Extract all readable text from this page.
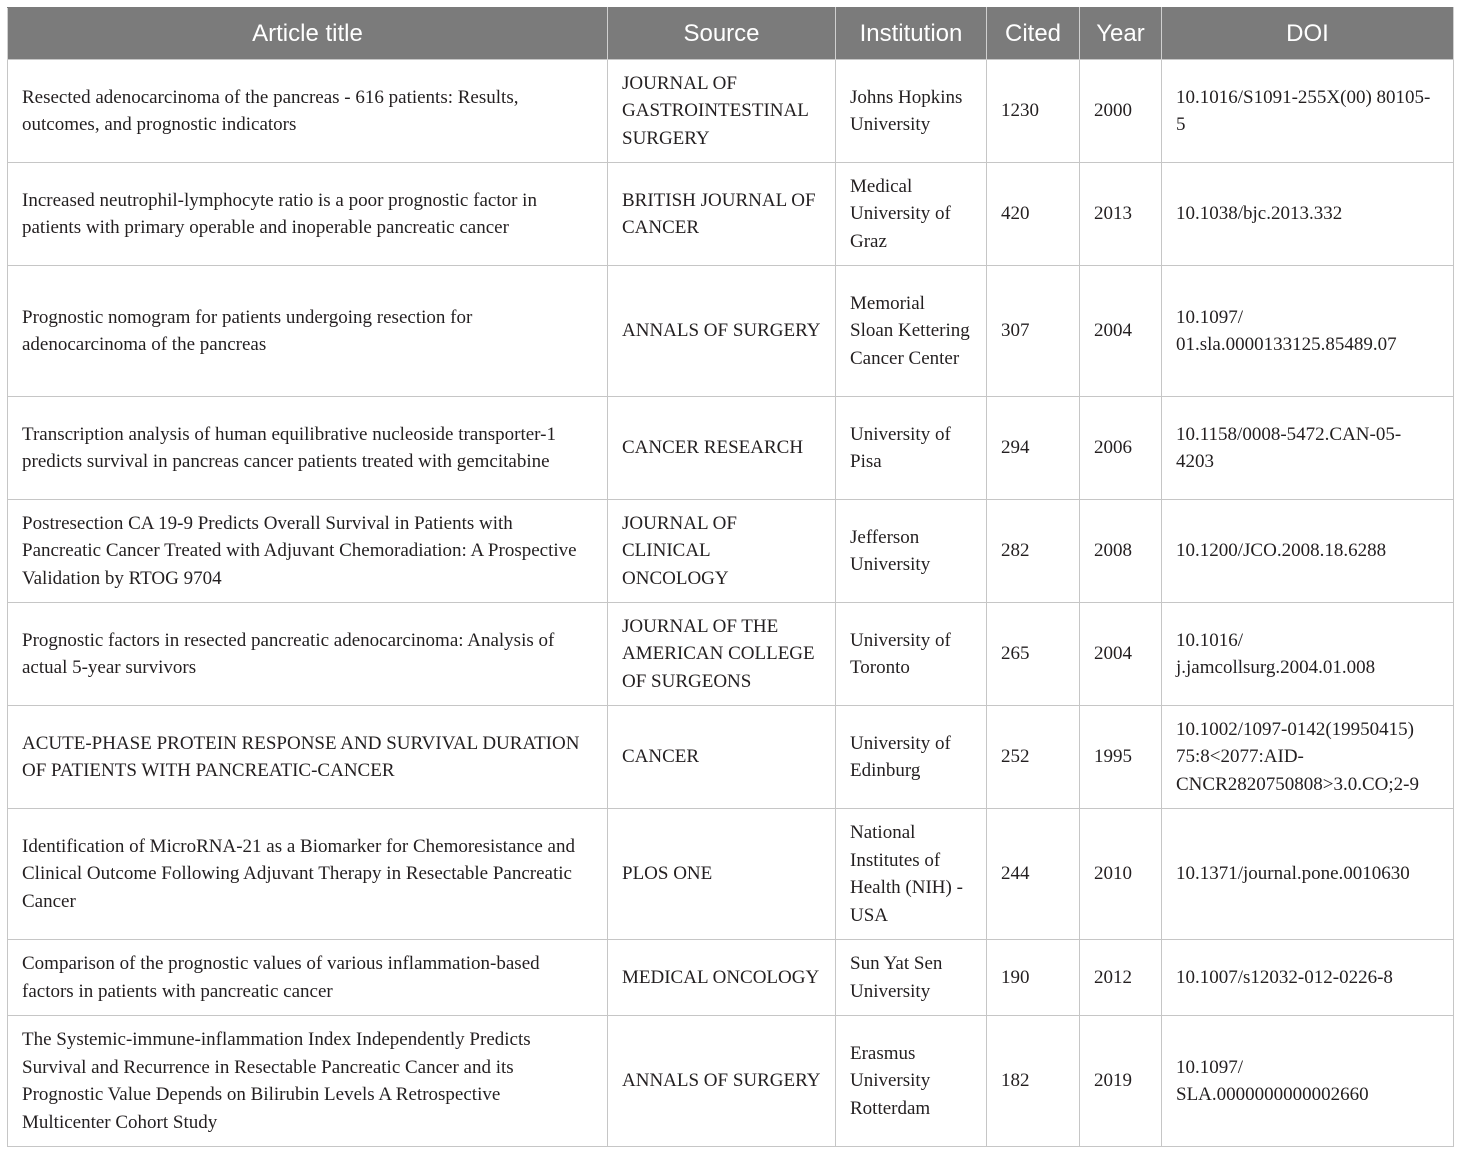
Article title	Source	Institution	Cited	Year	DOI
Resected adenocarcinoma of the pancreas - 616 patients: Results, outcomes, and prognostic indicators	JOURNAL OF GASTROINTESTINAL SURGERY	Johns Hopkins University	1230	2000	10.1016/S1091-255X(00) 80105-5
Increased neutrophil-lymphocyte ratio is a poor prognostic factor in patients with primary operable and inoperable pancreatic cancer	BRITISH JOURNAL OF CANCER	Medical University of Graz	420	2013	10.1038/bjc.2013.332
Prognostic nomogram for patients undergoing resection for adenocarcinoma of the pancreas	ANNALS OF SURGERY	Memorial Sloan Kettering Cancer Center	307	2004	10.1097/ 01.sla.0000133125.85489.07
Transcription analysis of human equilibrative nucleoside transporter-1 predicts survival in pancreas cancer patients treated with gemcitabine	CANCER RESEARCH	University of Pisa	294	2006	10.1158/0008-5472.CAN-05-4203
Postresection CA 19-9 Predicts Overall Survival in Patients with Pancreatic Cancer Treated with Adjuvant Chemoradiation: A Prospective Validation by RTOG 9704	JOURNAL OF CLINICAL ONCOLOGY	Jefferson University	282	2008	10.1200/JCO.2008.18.6288
Prognostic factors in resected pancreatic adenocarcinoma: Analysis of actual 5-year survivors	JOURNAL OF THE AMERICAN COLLEGE OF SURGEONS	University of Toronto	265	2004	10.1016/ j.jamcollsurg.2004.01.008
ACUTE-PHASE PROTEIN RESPONSE AND SURVIVAL DURATION OF PATIENTS WITH PANCREATIC-CANCER	CANCER	University of Edinburg	252	1995	10.1002/1097-0142(19950415) 75:8<2077:AID-CNCR2820750808>3.0.CO;2-9
Identification of MicroRNA-21 as a Biomarker for Chemoresistance and Clinical Outcome Following Adjuvant Therapy in Resectable Pancreatic Cancer	PLOS ONE	National Institutes of Health (NIH) - USA	244	2010	10.1371/journal.pone.0010630
Comparison of the prognostic values of various inflammation-based factors in patients with pancreatic cancer	MEDICAL ONCOLOGY	Sun Yat Sen University	190	2012	10.1007/s12032-012-0226-8
The Systemic-immune-inflammation Index Independently Predicts Survival and Recurrence in Resectable Pancreatic Cancer and its Prognostic Value Depends on Bilirubin Levels A Retrospective Multicenter Cohort Study	ANNALS OF SURGERY	Erasmus University Rotterdam	182	2019	10.1097/ SLA.0000000000002660
